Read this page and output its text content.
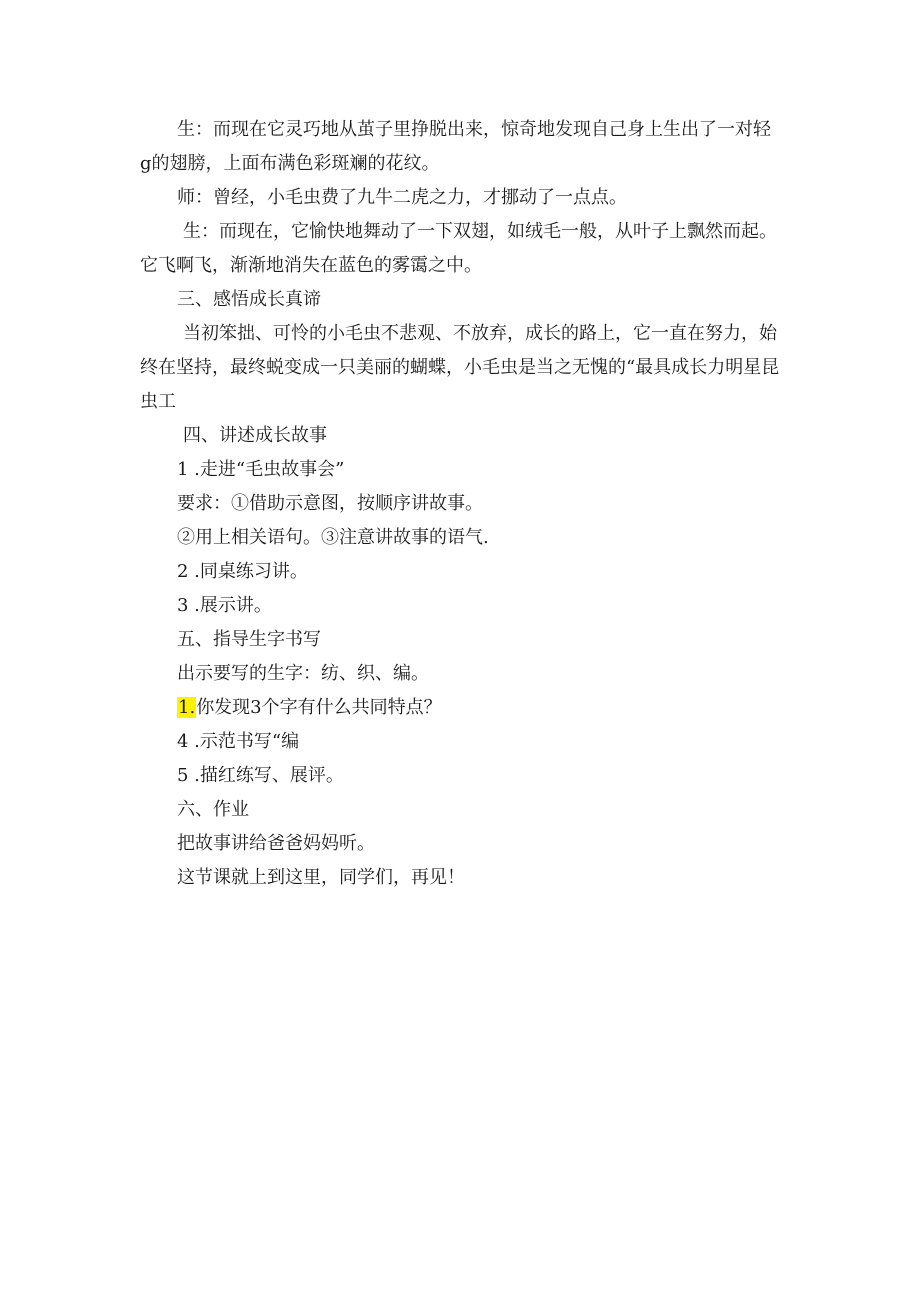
生：而现在它灵巧地从茧子里挣脱出来，惊奇地发现自己身上生出了一对轻g的翅膀，上面布满色彩斑斓的花纹。

师：曾经，小毛虫费了九牛二虎之力，才挪动了一点点。

生：而现在，它愉快地舞动了一下双翅，如绒毛一般，从叶子上飘然而起。它飞啊飞，渐渐地消失在蓝色的雾霭之中。

三、感悟成长真谛

当初笨拙、可怜的小毛虫不悲观、不放弃，成长的路上，它一直在努力，始终在坚持，最终蜕变成一只美丽的蝴蝶，小毛虫是当之无愧的“最具成长力明星昆虫工

四、讲述成长故事

1 .走进“毛虫故事会”

要求：①借助示意图，按顺序讲故事。

②用上相关语句。③注意讲故事的语气.

2 .同桌练习讲。

3 .展示讲。

五、指导生字书写

出示要写的生字：纺、织、编。

1.你发现3个字有什么共同特点？

4 .示范书写“编

5 .描红练写、展评。

六、作业

把故事讲给爸爸妈妈听。

这节课就上到这里，同学们，再见！
